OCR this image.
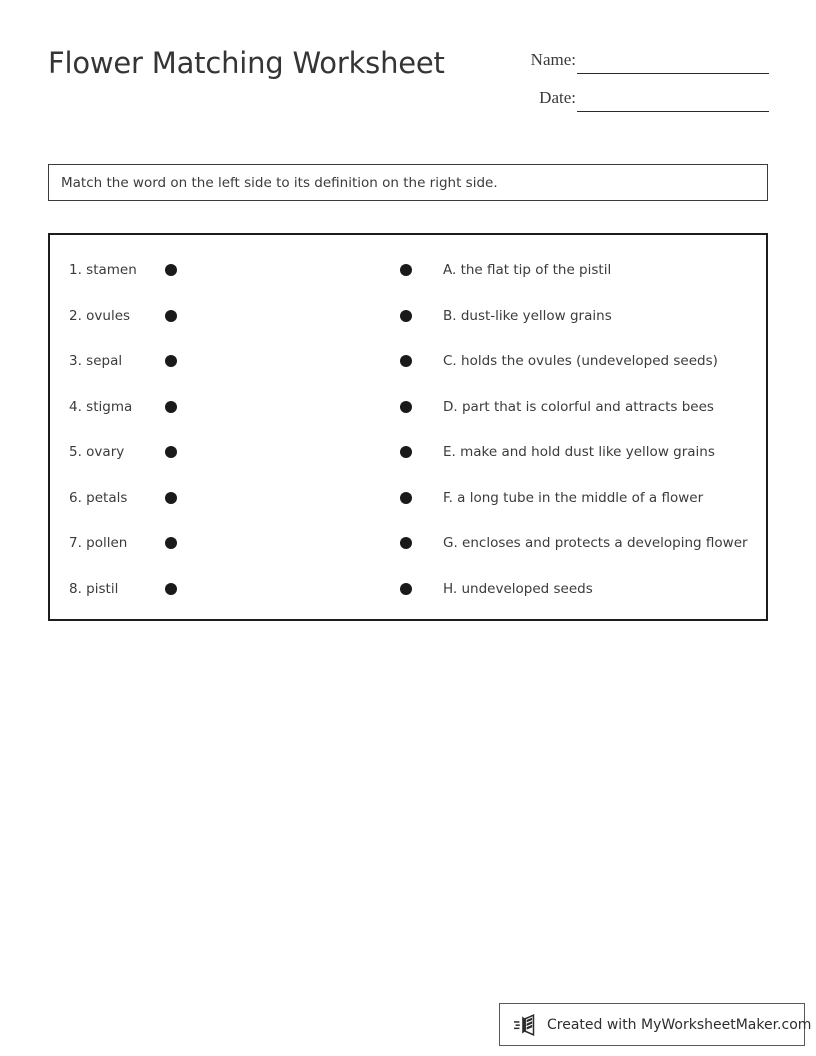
Flower Matching Worksheet	Name:
Date:
Match the word on the left side to its definition on the right side.
1. stamen	A. the flat tip of the pistil
2. ovules	B. dust-like yellow grains
3. sepal	C. holds the ovules (undeveloped seeds)
4. stigma	D. part that is colorful and attracts bees
5. ovary	E. make and hold dust like yellow grains
6. petals	F. a long tube in the middle of a flower
7. pollen	G. encloses and protects a developing flower
8. pistil	H. undeveloped seeds
Created with MyWorksheetMaker.com
